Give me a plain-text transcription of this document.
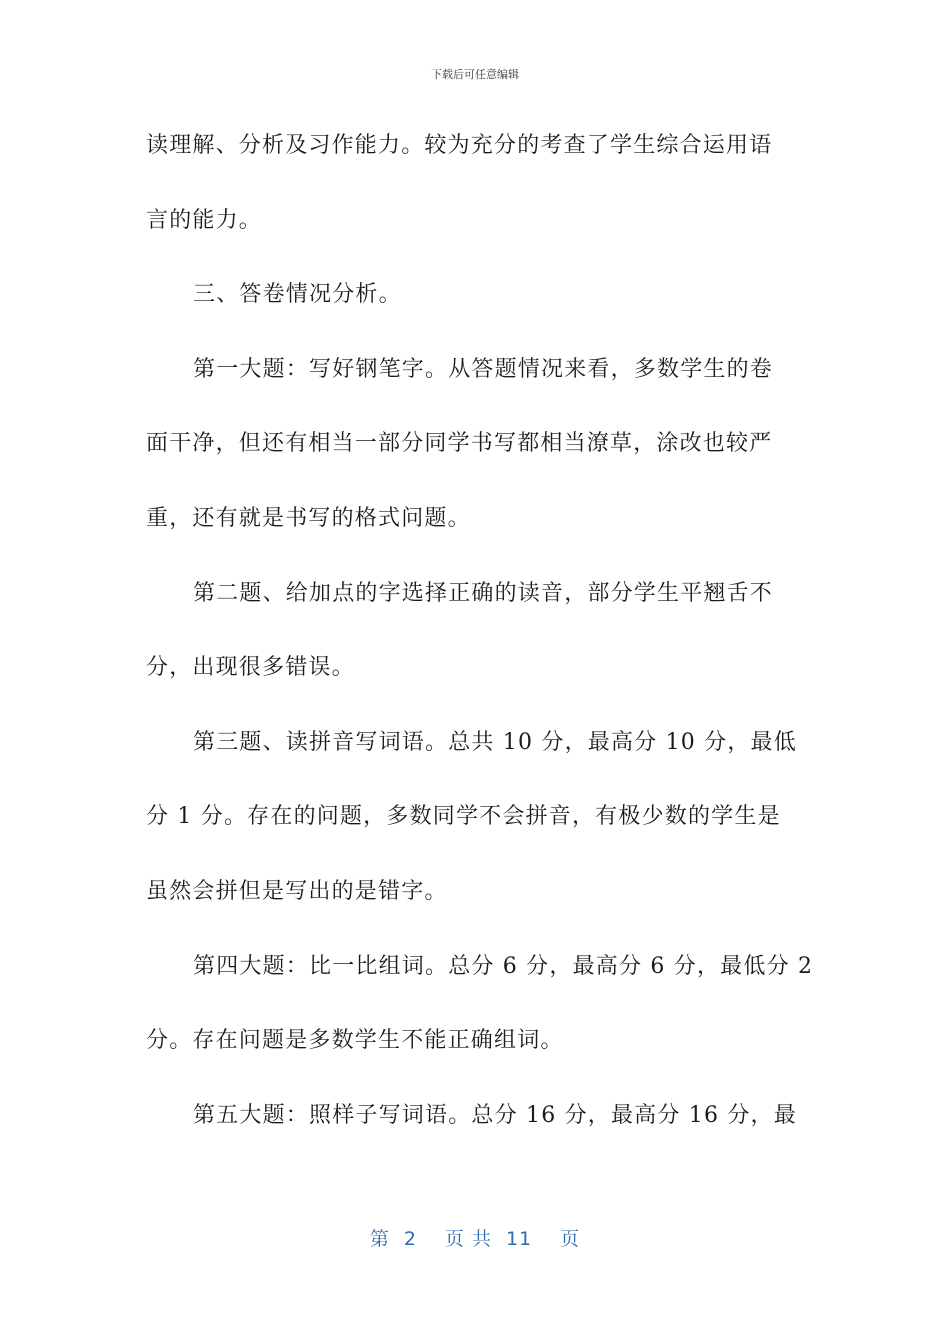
下载后可任意编辑
读理解、分析及习作能力。较为充分的考查了学生综合运用语
言的能力。
三、答卷情况分析。
第一大题：写好钢笔字。从答题情况来看，多数学生的卷
面干净，但还有相当一部分同学书写都相当潦草，涂改也较严
重，还有就是书写的格式问题。
第二题、给加点的字选择正确的读音，部分学生平翘舌不
分，出现很多错误。
第三题、读拼音写词语。总共 10 分，最高分 10 分，最低
分 1 分。存在的问题，多数同学不会拼音，有极少数的学生是
虽然会拼但是写出的是错字。
第四大题：比一比组词。总分 6 分，最高分 6 分，最低分 2
分。存在问题是多数学生不能正确组词。
第五大题：照样子写词语。总分 16 分，最高分 16 分，最
第 2 页 共 11 页
